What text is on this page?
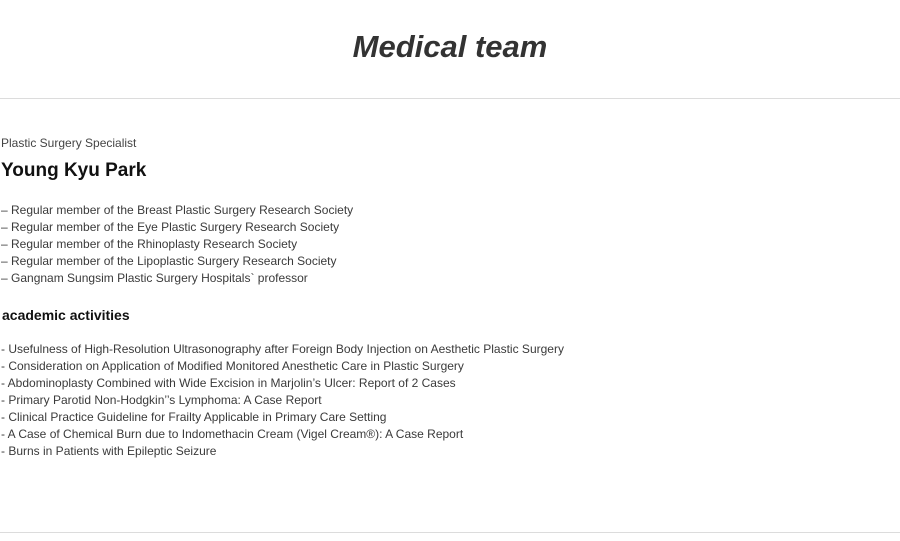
Medical team

Plastic Surgery Specialist

Young Kyu Park
– Regular member of the Breast Plastic Surgery Research Society
– Regular member of the Eye Plastic Surgery Research Society
– Regular member of the Rhinoplasty Research Society
– Regular member of the Lipoplastic Surgery Research Society
– Gangnam Sungsim Plastic Surgery Hospitals` professor
academic activities
- Usefulness of High-Resolution Ultrasonography after Foreign Body Injection on Aesthetic Plastic Surgery
- Consideration on Application of Modified Monitored Anesthetic Care in Plastic Surgery
- Abdominoplasty Combined with Wide Excision in Marjolin’s Ulcer: Report of 2 Cases
- Primary Parotid Non-Hodgkin’’s Lymphoma: A Case Report
- Clinical Practice Guideline for Frailty Applicable in Primary Care Setting
- A Case of Chemical Burn due to Indomethacin Cream (Vigel Cream®): A Case Report
- Burns in Patients with Epileptic Seizure
